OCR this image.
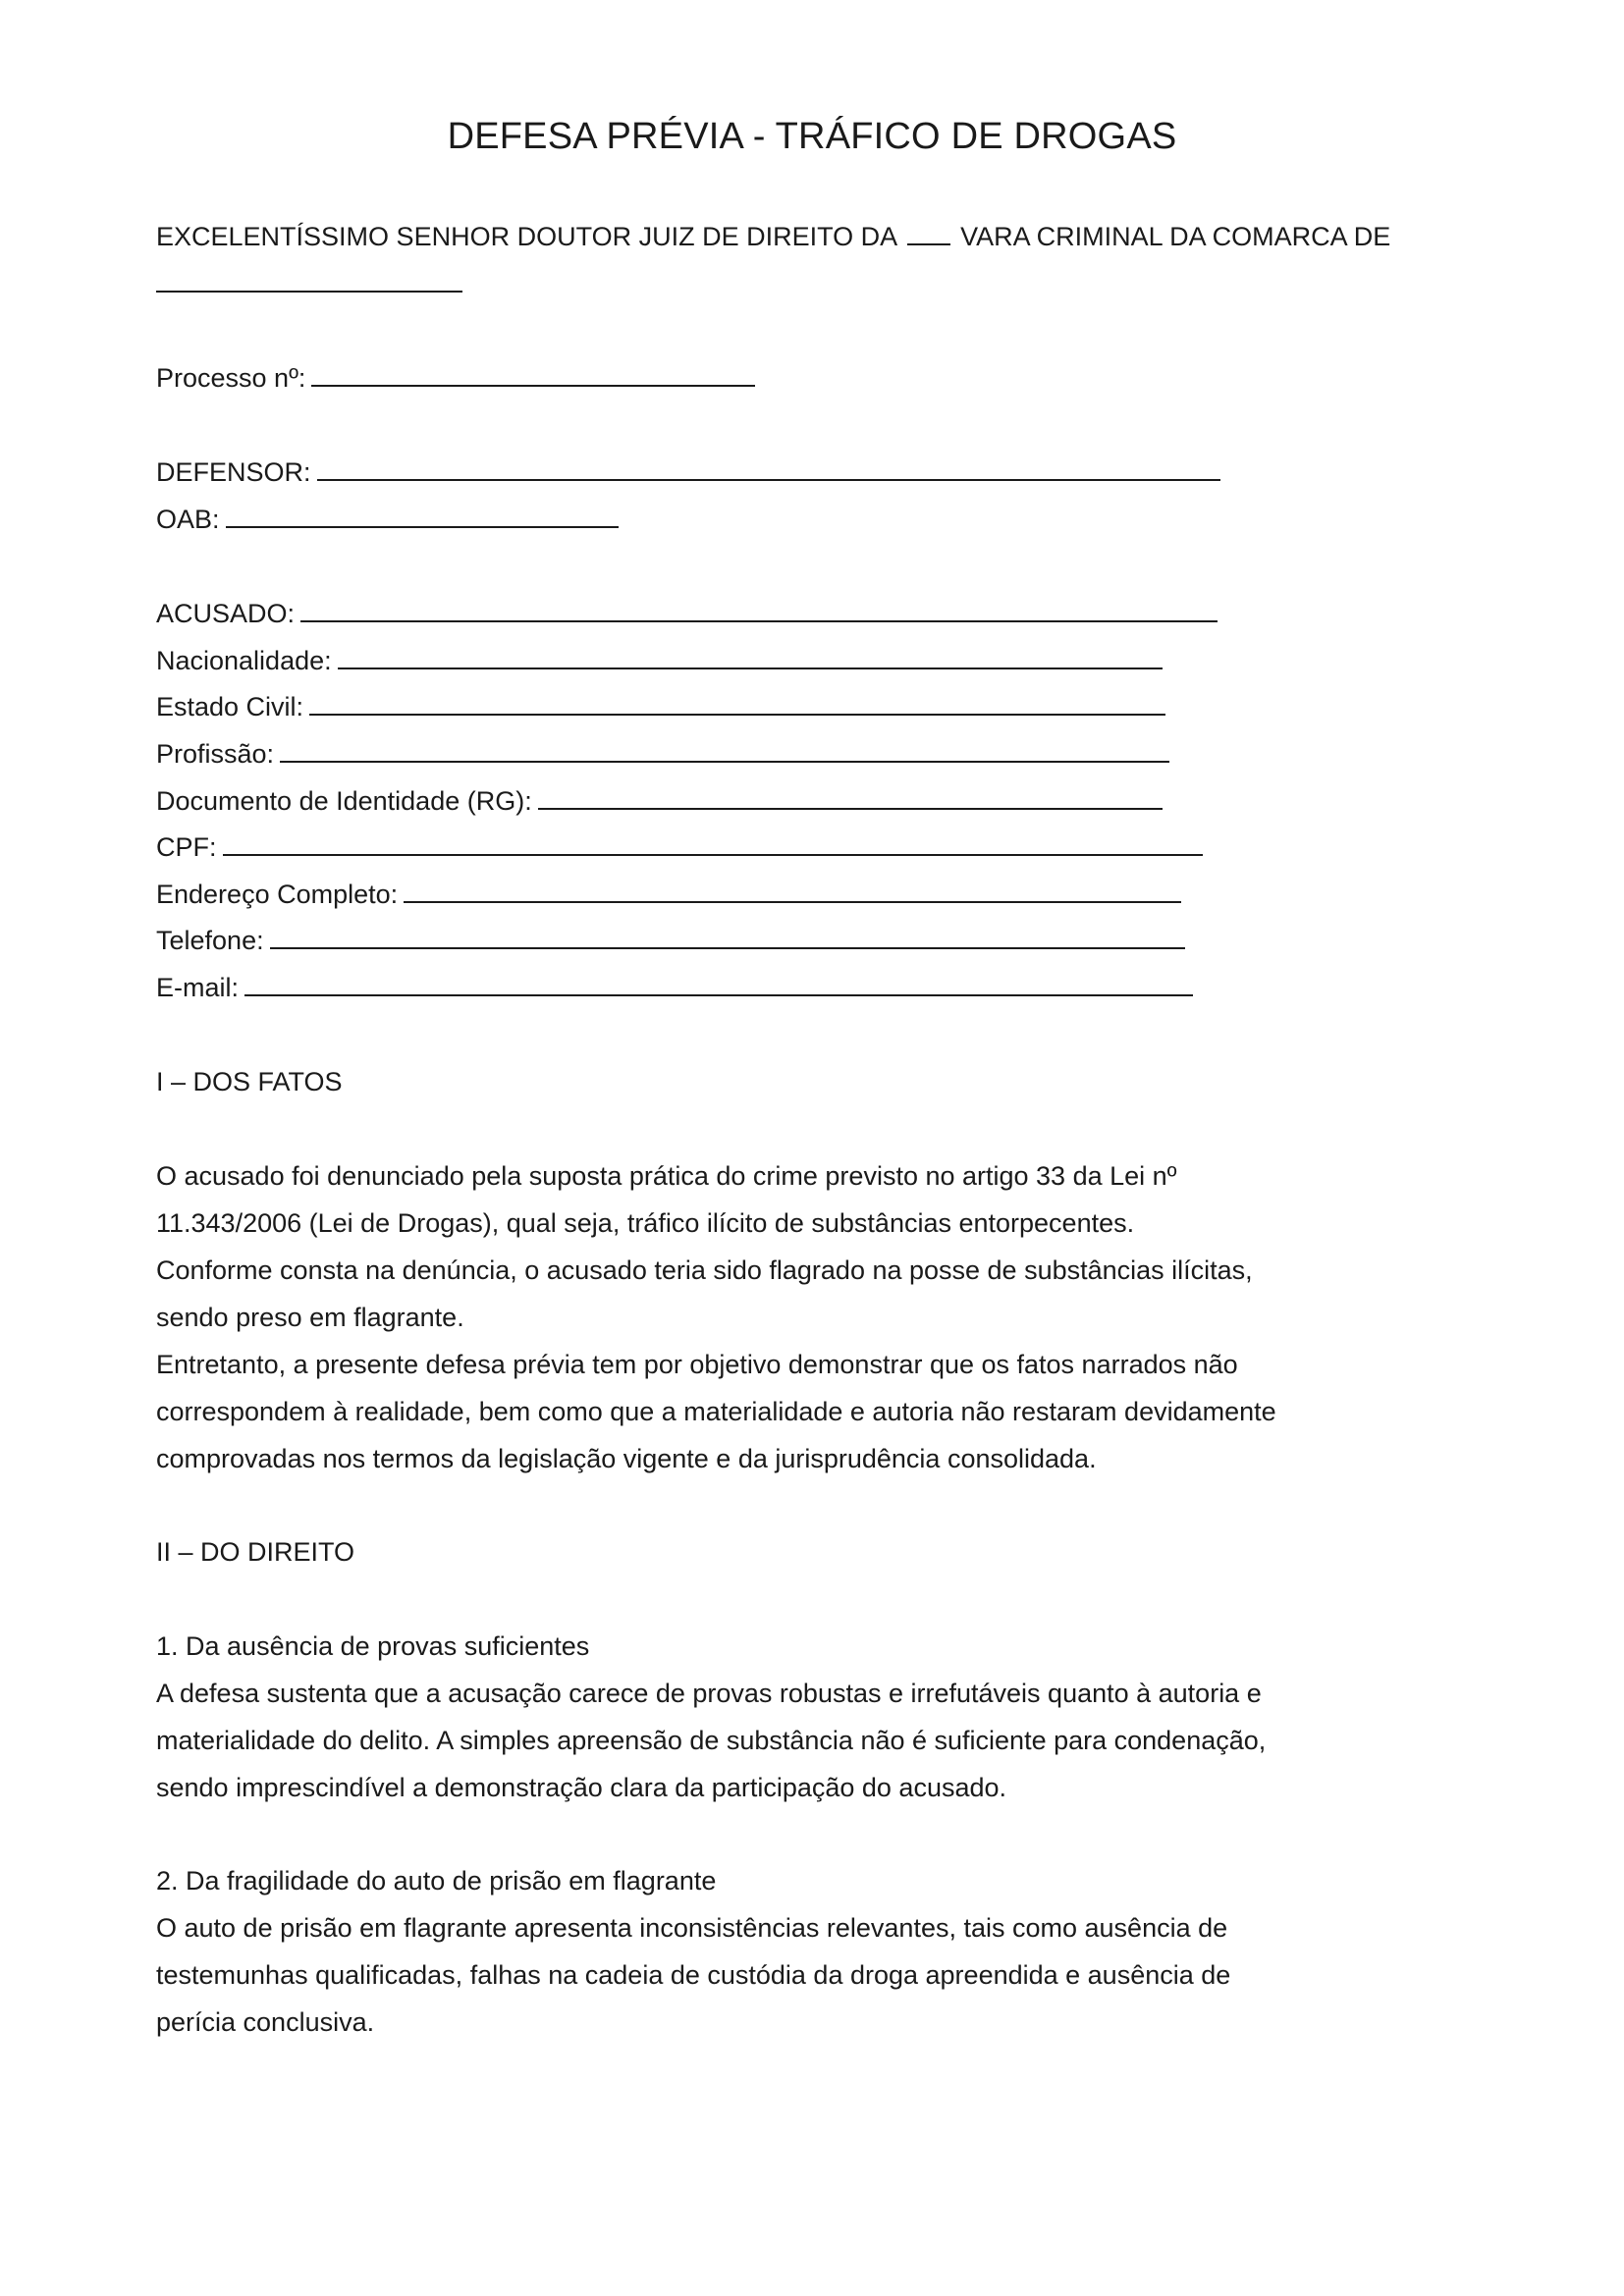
DEFESA PRÉVIA - TRÁFICO DE DROGAS
EXCELENTÍSSIMO SENHOR DOUTOR JUIZ DE DIREITO DA VARA CRIMINAL DA COMARCA DE
Processo nº:
DEFENSOR:
OAB:
ACUSADO:
Nacionalidade:
Estado Civil:
Profissão:
Documento de Identidade (RG):
CPF:
Endereço Completo:
Telefone:
E-mail:
I – DOS FATOS
O acusado foi denunciado pela suposta prática do crime previsto no artigo 33 da Lei nº
11.343/2006 (Lei de Drogas), qual seja, tráfico ilícito de substâncias entorpecentes.
Conforme consta na denúncia, o acusado teria sido flagrado na posse de substâncias ilícitas,
sendo preso em flagrante.
Entretanto, a presente defesa prévia tem por objetivo demonstrar que os fatos narrados não
correspondem à realidade, bem como que a materialidade e autoria não restaram devidamente
comprovadas nos termos da legislação vigente e da jurisprudência consolidada.
II – DO DIREITO
1. Da ausência de provas suficientes
A defesa sustenta que a acusação carece de provas robustas e irrefutáveis quanto à autoria e
materialidade do delito. A simples apreensão de substância não é suficiente para condenação,
sendo imprescindível a demonstração clara da participação do acusado.
2. Da fragilidade do auto de prisão em flagrante
O auto de prisão em flagrante apresenta inconsistências relevantes, tais como ausência de
testemunhas qualificadas, falhas na cadeia de custódia da droga apreendida e ausência de
perícia conclusiva.
